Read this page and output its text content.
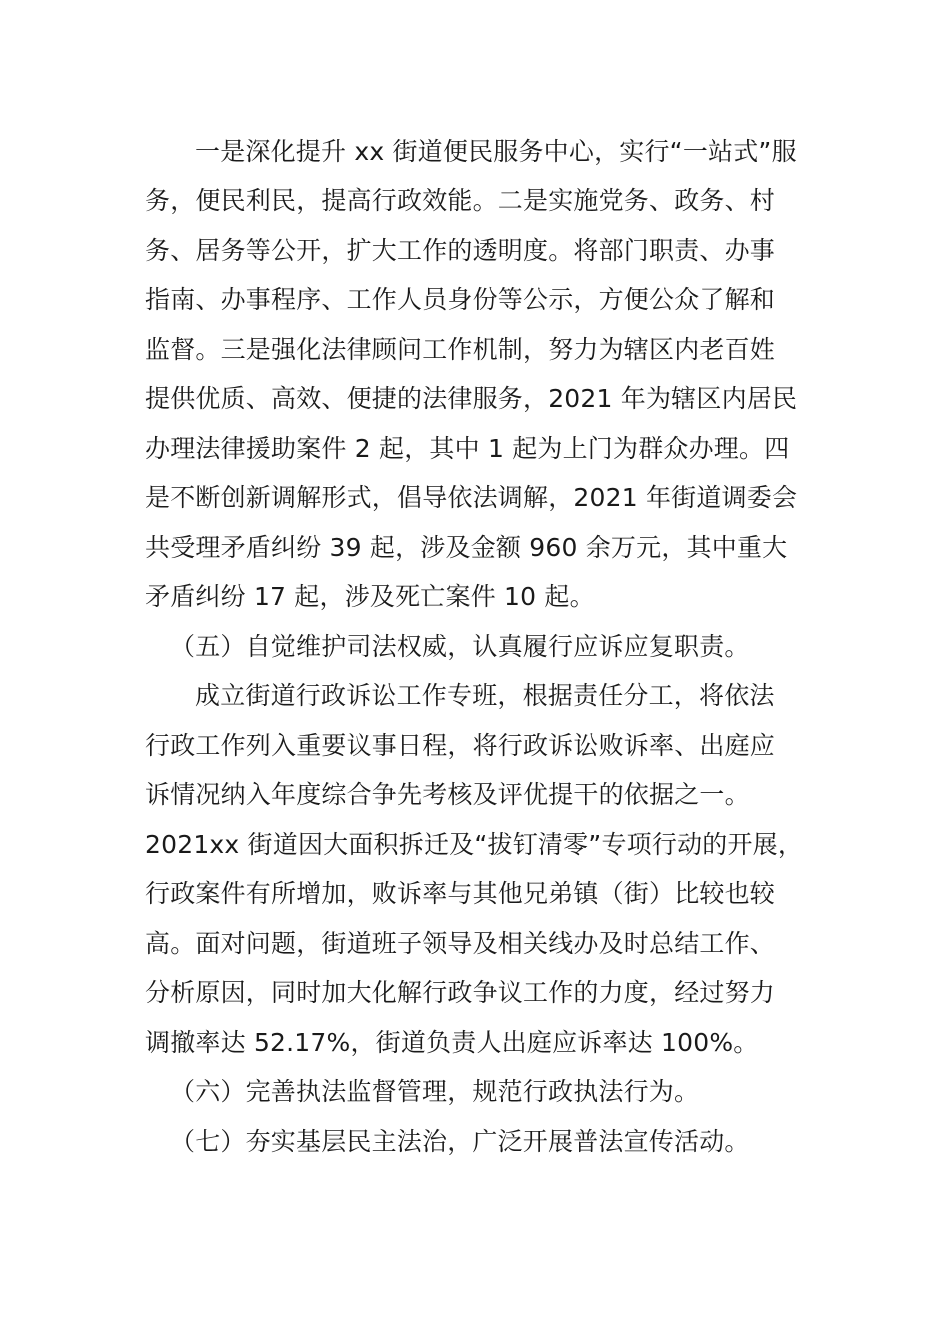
一是深化提升 xx 街道便民服务中心，实行“一站式”服
务，便民利民，提高行政效能。二是实施党务、政务、村
务、居务等公开，扩大工作的透明度。将部门职责、办事
指南、办事程序、工作人员身份等公示，方便公众了解和
监督。三是强化法律顾问工作机制，努力为辖区内老百姓
提供优质、高效、便捷的法律服务，2021 年为辖区内居民
办理法律援助案件 2 起，其中 1 起为上门为群众办理。四
是不断创新调解形式，倡导依法调解，2021 年街道调委会
共受理矛盾纠纷 39 起，涉及金额 960 余万元，其中重大
矛盾纠纷 17 起，涉及死亡案件 10 起。
（五）自觉维护司法权威，认真履行应诉应复职责。
成立街道行政诉讼工作专班，根据责任分工，将依法
行政工作列入重要议事日程，将行政诉讼败诉率、出庭应
诉情况纳入年度综合争先考核及评优提干的依据之一。
2021xx 街道因大面积拆迁及“拔钉清零”专项行动的开展，
行政案件有所增加，败诉率与其他兄弟镇（街）比较也较
高。面对问题，街道班子领导及相关线办及时总结工作、
分析原因，同时加大化解行政争议工作的力度，经过努力
调撤率达 52.17%，街道负责人出庭应诉率达 100%。
（六）完善执法监督管理，规范行政执法行为。
（七）夯实基层民主法治，广泛开展普法宣传活动。
